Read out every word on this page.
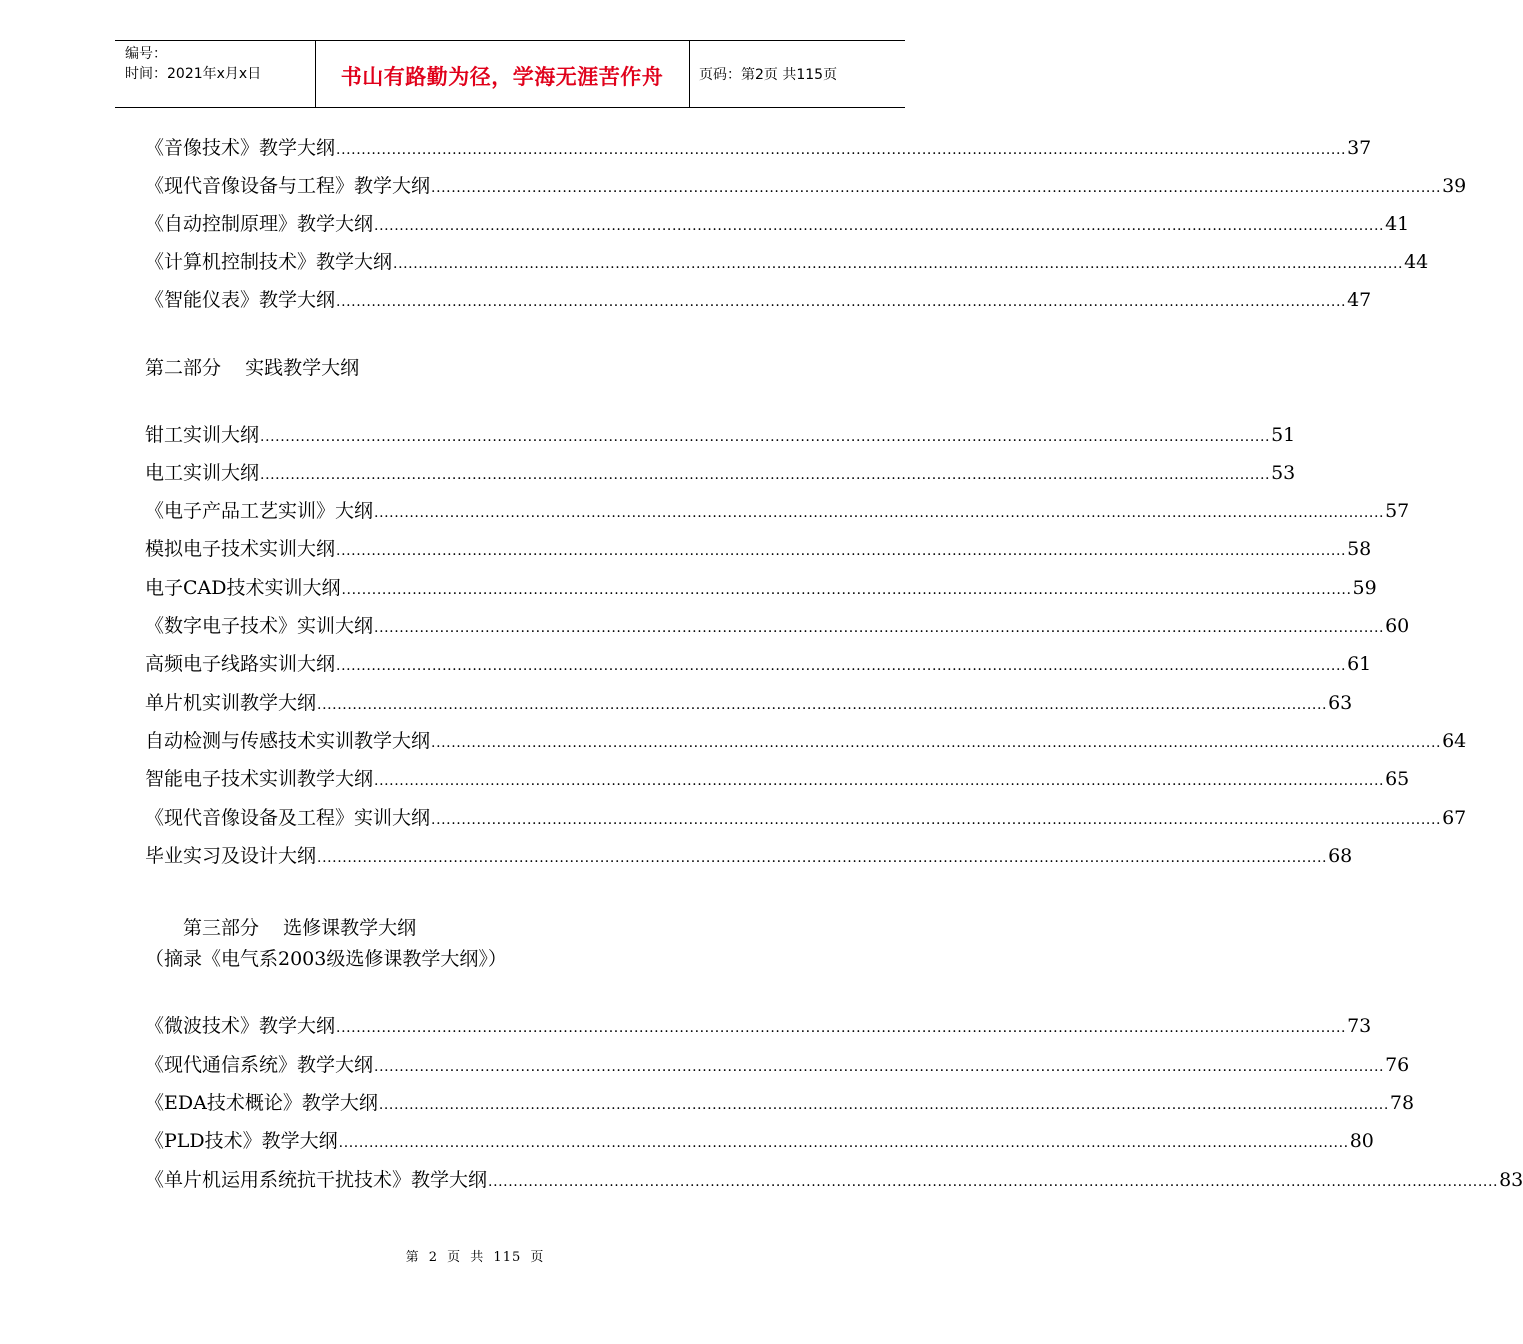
编号：
时间：2021年x月x日	书山有路勤为径，学海无涯苦作舟	页码：第2页 共115页
《音像技术》教学大纲 ........................................................................................................................................................................................................ 37
《现代音像设备与工程》教学大纲 ........................................................................................................................................................................................................ 39
《自动控制原理》教学大纲 ........................................................................................................................................................................................................ 41
《计算机控制技术》教学大纲 ........................................................................................................................................................................................................ 44
《智能仪表》教学大纲 ........................................................................................................................................................................................................ 47
第二部分    实践教学大纲
钳工实训大纲 ........................................................................................................................................................................................................ 51
电工实训大纲 ........................................................................................................................................................................................................ 53
《电子产品工艺实训》大纲 ........................................................................................................................................................................................................ 57
模拟电子技术实训大纲 ........................................................................................................................................................................................................ 58
电子CAD技术实训大纲 ........................................................................................................................................................................................................ 59
《数字电子技术》实训大纲 ........................................................................................................................................................................................................ 60
高频电子线路实训大纲 ........................................................................................................................................................................................................ 61
单片机实训教学大纲 ........................................................................................................................................................................................................ 63
自动检测与传感技术实训教学大纲 ........................................................................................................................................................................................................ 64
智能电子技术实训教学大纲 ........................................................................................................................................................................................................ 65
《现代音像设备及工程》实训大纲 ........................................................................................................................................................................................................ 67
毕业实习及设计大纲 ........................................................................................................................................................................................................ 68
第三部分    选修课教学大纲
（摘录《电气系2003级选修课教学大纲》）
《微波技术》教学大纲 ........................................................................................................................................................................................................ 73
《现代通信系统》教学大纲 ........................................................................................................................................................................................................ 76
《EDA技术概论》教学大纲 ........................................................................................................................................................................................................ 78
《PLD技术》教学大纲 ........................................................................................................................................................................................................ 80
《单片机运用系统抗干扰技术》教学大纲 ........................................................................................................................................................................................................ 83
第 2 页 共 115 页
